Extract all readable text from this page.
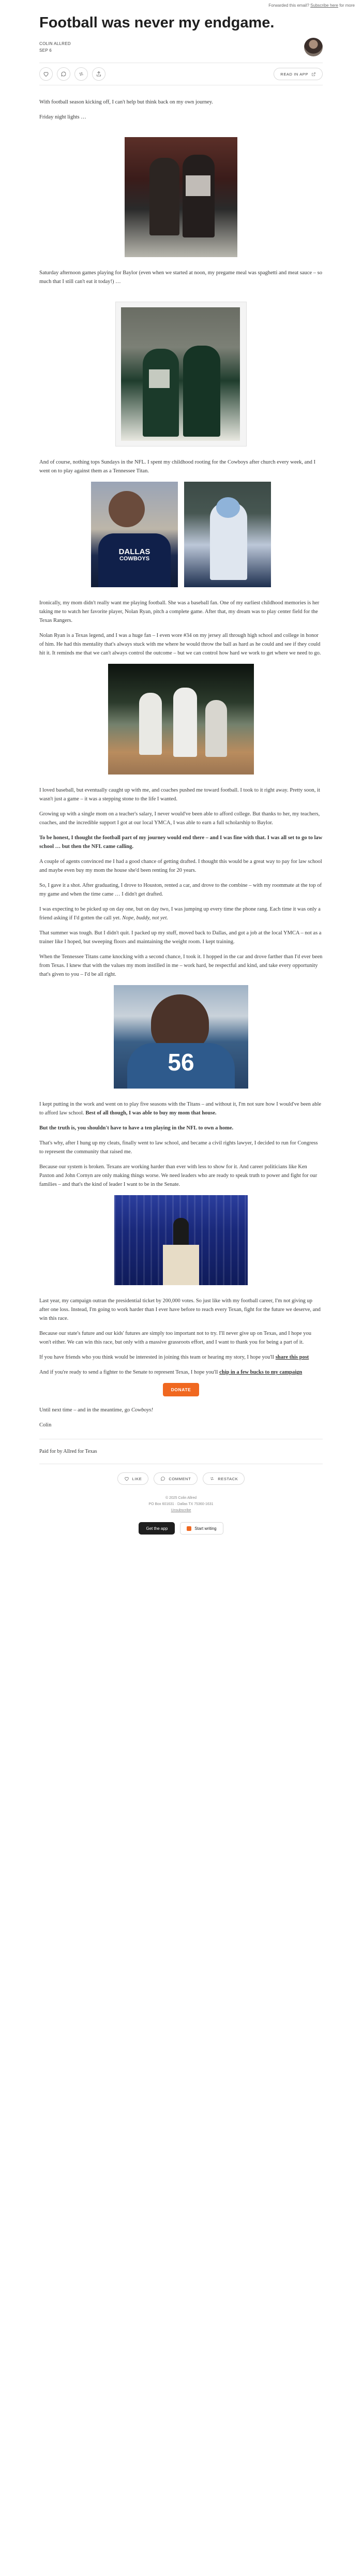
Forwarded this email? Subscribe here for more
Football was never my endgame.
COLIN ALLRED
SEP 6
READ IN APP

With football season kicking off, I can't help but think back on my own journey.

Friday night lights …

Saturday afternoon games playing for Baylor (even when we started at noon, my pregame meal was spaghetti and meat sauce – so much that I still can't eat it today!) …

And of course, nothing tops Sundays in the NFL. I spent my childhood rooting for the Cowboys after church every week, and I went on to play against them as a Tennessee Titan.

DALLAS
COWBOYS

Ironically, my mom didn't really want me playing football. She was a baseball fan. One of my earliest childhood memories is her taking me to watch her favorite player, Nolan Ryan, pitch a complete game. After that, my dream was to play center field for the Texas Rangers.

Nolan Ryan is a Texas legend, and I was a huge fan – I even wore #34 on my jersey all through high school and college in honor of him. He had this mentality that's always stuck with me where he would throw the ball as hard as he could and see if they could hit it. It reminds me that we can't always control the outcome – but we can control how hard we work to get where we need to go.

I loved baseball, but eventually caught up with me, and coaches pushed me toward football. I took to it right away. Pretty soon, it wasn't just a game – it was a stepping stone to the life I wanted.

Growing up with a single mom on a teacher's salary, I never would've been able to afford college. But thanks to her, my teachers, coaches, and the incredible support I got at our local YMCA, I was able to earn a full scholarship to Baylor.

To be honest, I thought the football part of my journey would end there – and I was fine with that. I was all set to go to law school … but then the NFL came calling.

A couple of agents convinced me I had a good chance of getting drafted. I thought this would be a great way to pay for law school and maybe even buy my mom the house she'd been renting for 20 years.

So, I gave it a shot. After graduating, I drove to Houston, rented a car, and drove to the combine – with my roommate at the top of my game and when the time came … I didn't get drafted.

I was expecting to be picked up on day one, but on day two, I was jumping up every time the phone rang. Each time it was only a friend asking if I'd gotten the call yet. Nope, buddy, not yet.

That summer was tough. But I didn't quit. I packed up my stuff, moved back to Dallas, and got a job at the local YMCA – not as a trainer like I hoped, but sweeping floors and maintaining the weight room. I kept training.

When the Tennessee Titans came knocking with a second chance, I took it. I hopped in the car and drove farther than I'd ever been from Texas. I knew that with the values my mom instilled in me – work hard, be respectful and kind, and take every opportunity that's given to you – I'd be all right.

56

I kept putting in the work and went on to play five seasons with the Titans – and without it, I'm not sure how I would've been able to afford law school. Best of all though, I was able to buy my mom that house.

But the truth is, you shouldn't have to have a ten playing in the NFL to own a home.

That's why, after I hung up my cleats, finally went to law school, and became a civil rights lawyer, I decided to run for Congress to represent the community that raised me.

Because our system is broken. Texans are working harder than ever with less to show for it. And career politicians like Ken Paxton and John Cornyn are only making things worse. We need leaders who are ready to speak truth to power and fight for our families – and that's the kind of leader I want to be in the Senate.

Last year, my campaign outran the presidential ticket by 200,000 votes. So just like with my football career, I'm not giving up after one loss. Instead, I'm going to work harder than I ever have before to reach every Texan, fight for the future we deserve, and win this race.

Because our state's future and our kids' futures are simply too important not to try. I'll never give up on Texas, and I hope you won't either. We can win this race, but only with a massive grassroots effort, and I want to thank you for being a part of it.

If you have friends who you think would be interested in joining this team or hearing my story, I hope you'll share this post

And if you're ready to send a fighter to the Senate to represent Texas, I hope you'll chip in a few bucks to my campaign

DONATE

Until next time – and in the meantime, go Cowboys!

Colin

Paid for by Allred for Texas
LIKE	COMMENT	RESTACK
© 2025 Colin Allred
PO Box 601631 · Dallas TX 75360-1631
Unsubscribe
Get the app	Start writing
